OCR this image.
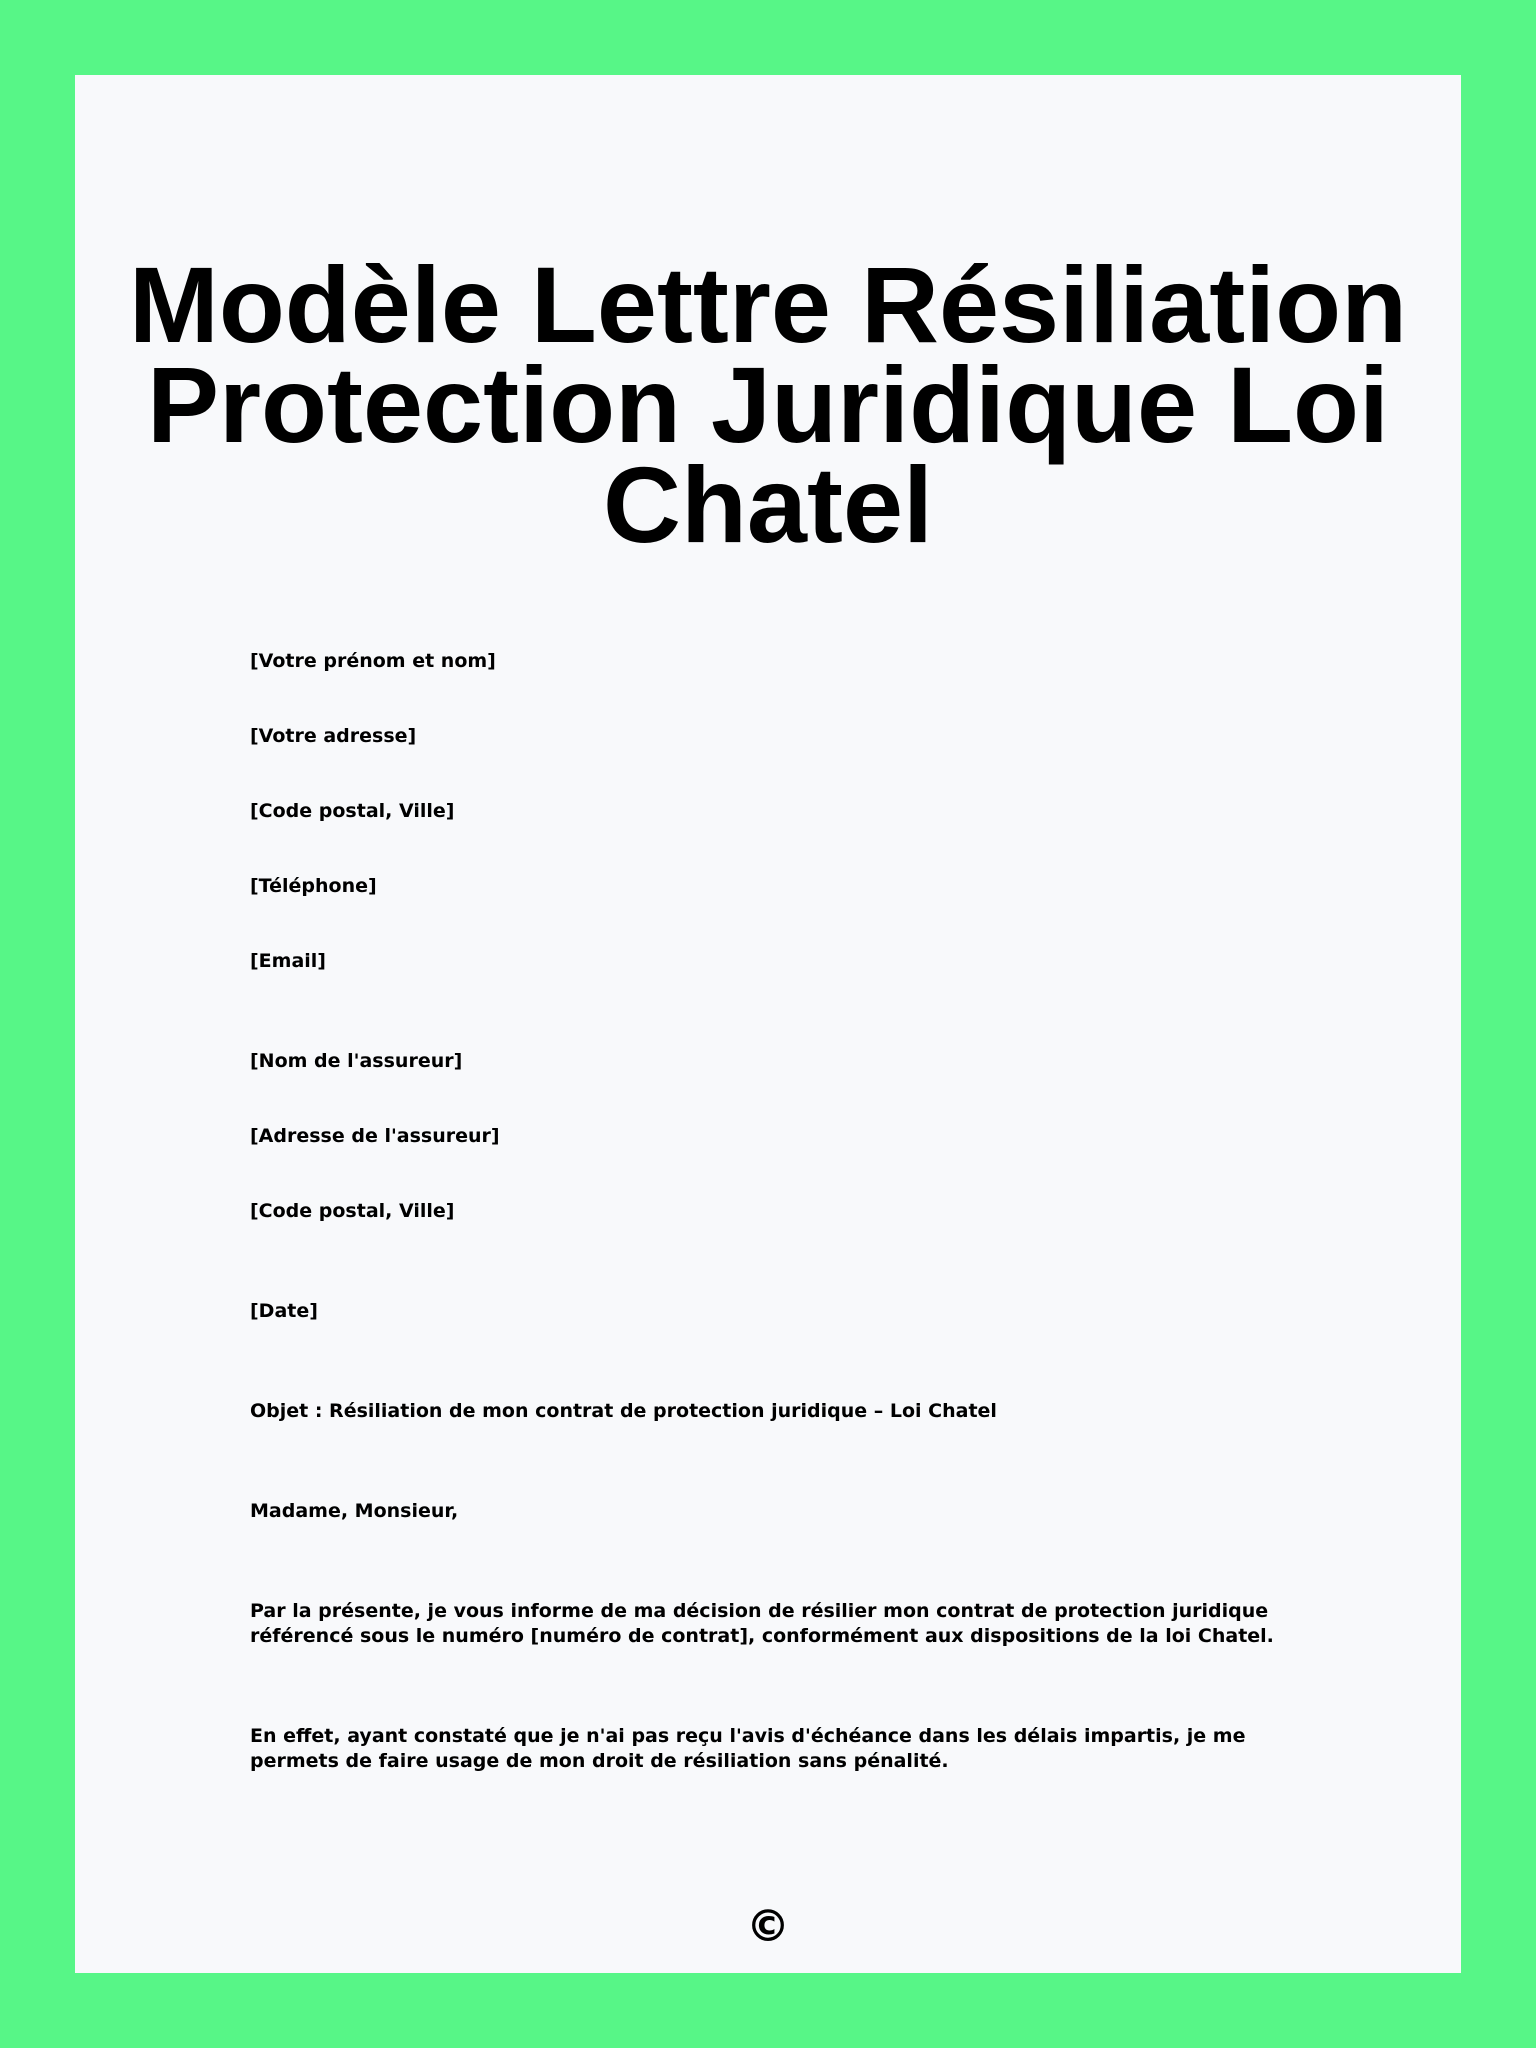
Modèle Lettre Résiliation Protection Juridique Loi Chatel

[Votre prénom et nom]

[Votre adresse]

[Code postal, Ville]

[Téléphone]

[Email]

[Nom de l'assureur]

[Adresse de l'assureur]

[Code postal, Ville]

[Date]

Objet : Résiliation de mon contrat de protection juridique – Loi Chatel

Madame, Monsieur,

Par la présente, je vous informe de ma décision de résilier mon contrat de protection juridique référencé sous le numéro [numéro de contrat], conformément aux dispositions de la loi Chatel.

En effet, ayant constaté que je n'ai pas reçu l'avis d'échéance dans les délais impartis, je me permets de faire usage de mon droit de résiliation sans pénalité.

©
